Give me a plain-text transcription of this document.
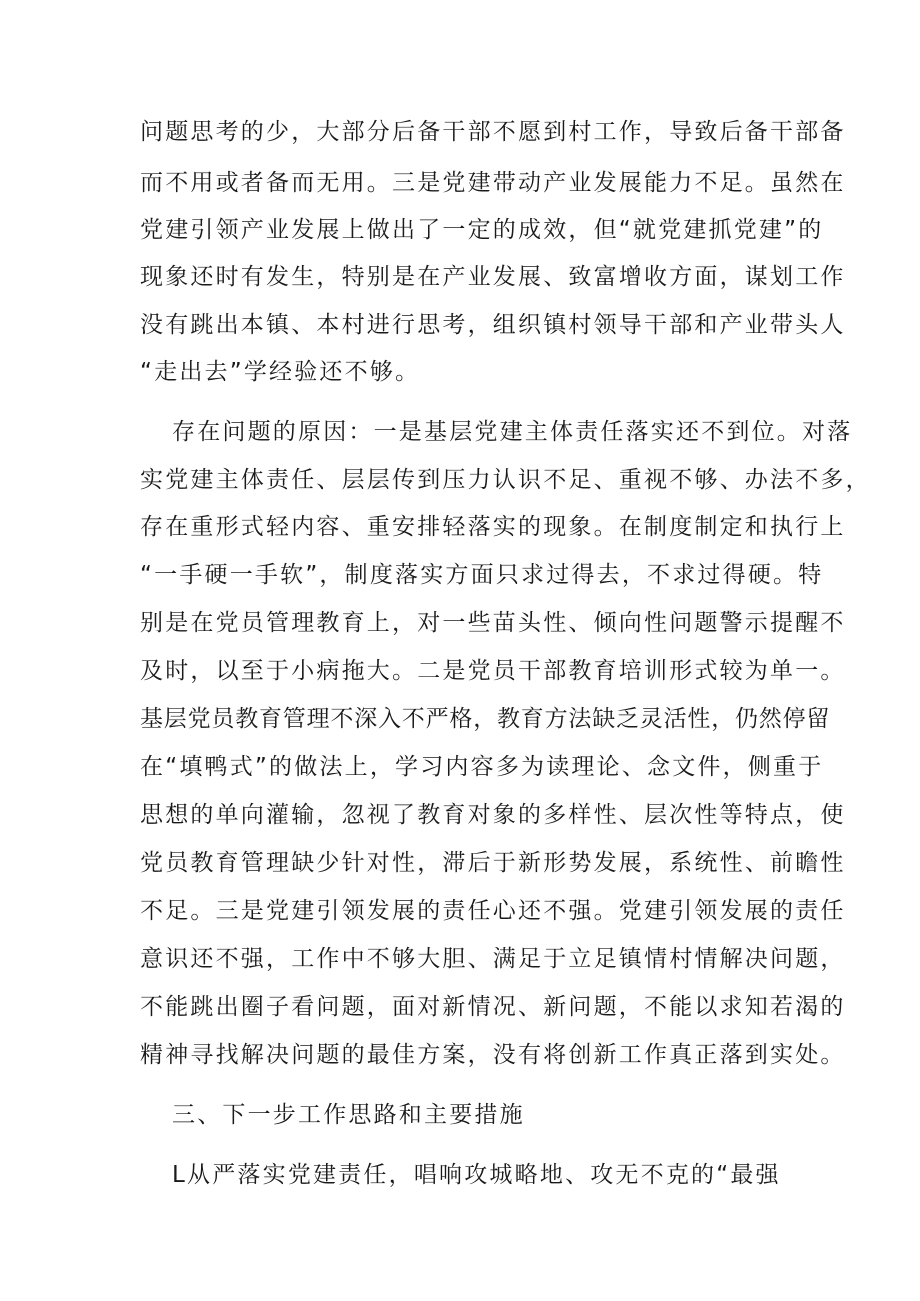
问题思考的少，大部分后备干部不愿到村工作，导致后备干部备
而不用或者备而无用。三是党建带动产业发展能力不足。虽然在
党建引领产业发展上做出了一定的成效，但“就党建抓党建”的
现象还时有发生，特别是在产业发展、致富增收方面，谋划工作
没有跳出本镇、本村进行思考，组织镇村领导干部和产业带头人
“走出去”学经验还不够。
存在问题的原因：一是基层党建主体责任落实还不到位。对落
实党建主体责任、层层传到压力认识不足、重视不够、办法不多，
存在重形式轻内容、重安排轻落实的现象。在制度制定和执行上
“一手硬一手软”，制度落实方面只求过得去，不求过得硬。特
别是在党员管理教育上，对一些苗头性、倾向性问题警示提醒不
及时，以至于小病拖大。二是党员干部教育培训形式较为单一。
基层党员教育管理不深入不严格，教育方法缺乏灵活性，仍然停留
在“填鸭式”的做法上，学习内容多为读理论、念文件，侧重于
思想的单向灌输，忽视了教育对象的多样性、层次性等特点，使
党员教育管理缺少针对性，滞后于新形势发展，系统性、前瞻性
不足。三是党建引领发展的责任心还不强。党建引领发展的责任
意识还不强，工作中不够大胆、满足于立足镇情村情解决问题，
不能跳出圈子看问题，面对新情况、新问题，不能以求知若渴的
精神寻找解决问题的最佳方案，没有将创新工作真正落到实处。
三、下一步工作思路和主要措施
L从严落实党建责任，唱响攻城略地、攻无不克的“最强
